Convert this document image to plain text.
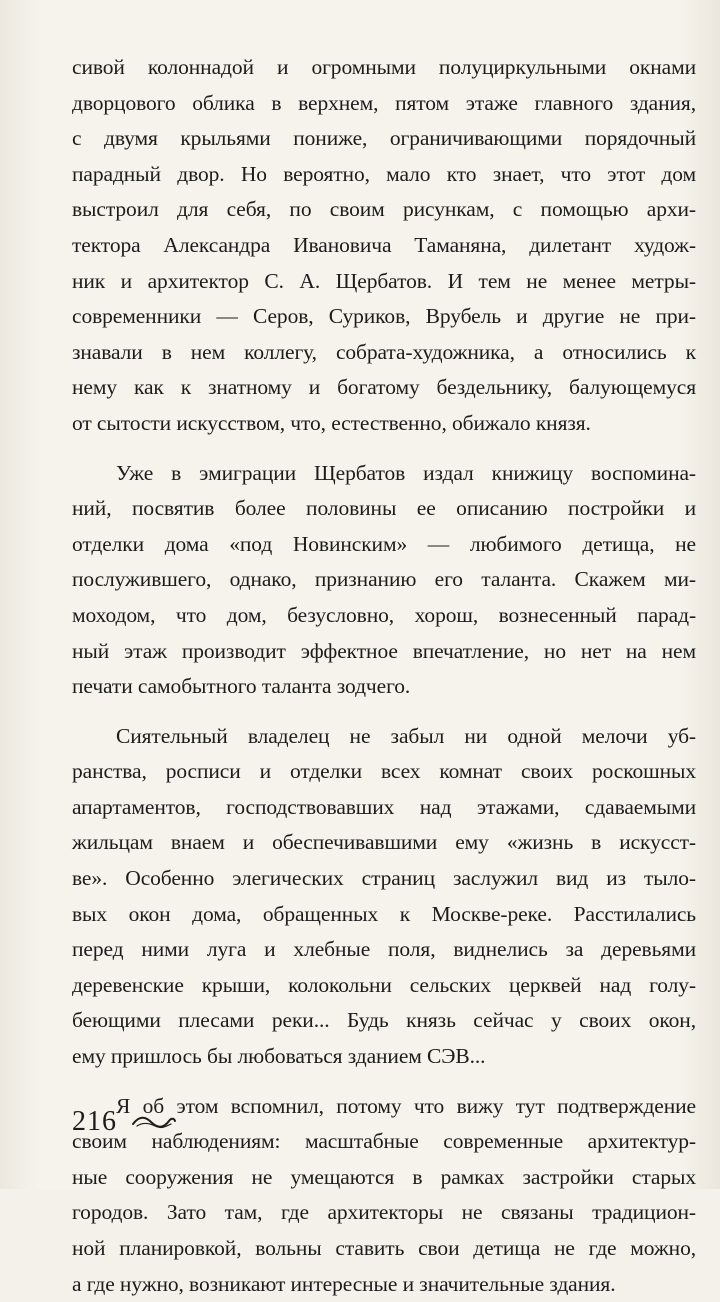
сивой колоннадой и огромными полуциркульными окнами
дворцового облика в верхнем, пятом этаже главного здания,
с двумя крыльями пониже, ограничивающими порядочный
парадный двор. Но вероятно, мало кто знает, что этот дом
выстроил для себя, по своим рисункам, с помощью архи-
тектора Александра Ивановича Таманяна, дилетант худож-
ник и архитектор С. А. Щербатов. И тем не менее метры-
современники — Серов, Суриков, Врубель и другие не при-
знавали в нем коллегу, собрата-художника, а относились к
нему как к знатному и богатому бездельнику, балующемуся
от сытости искусством, что, естественно, обижало князя.
Уже в эмиграции Щербатов издал книжицу воспомина-
ний, посвятив более половины ее описанию постройки и
отделки дома «под Новинским» — любимого детища, не
послужившего, однако, признанию его таланта. Скажем ми-
моходом, что дом, безусловно, хорош, вознесенный парад-
ный этаж производит эффектное впечатление, но нет на нем
печати самобытного таланта зодчего.
Сиятельный владелец не забыл ни одной мелочи уб-
ранства, росписи и отделки всех комнат своих роскошных
апартаментов, господствовавших над этажами, сдаваемыми
жильцам внаем и обеспечивавшими ему «жизнь в искусст-
ве». Особенно элегических страниц заслужил вид из тыло-
вых окон дома, обращенных к Москве-реке. Расстилались
перед ними луга и хлебные поля, виднелись за деревьями
деревенские крыши, колокольни сельских церквей над голу-
беющими плесами реки... Будь князь сейчас у своих окон,
ему пришлось бы любоваться зданием СЭВ...
Я об этом вспомнил, потому что вижу тут подтверждение
своим наблюдениям: масштабные современные архитектур-
ные сооружения не умещаются в рамках застройки старых
городов. Зато там, где архитекторы не связаны традицион-
ной планировкой, вольны ставить свои детища не где можно,
а где нужно, возникают интересные и значительные здания.
216
